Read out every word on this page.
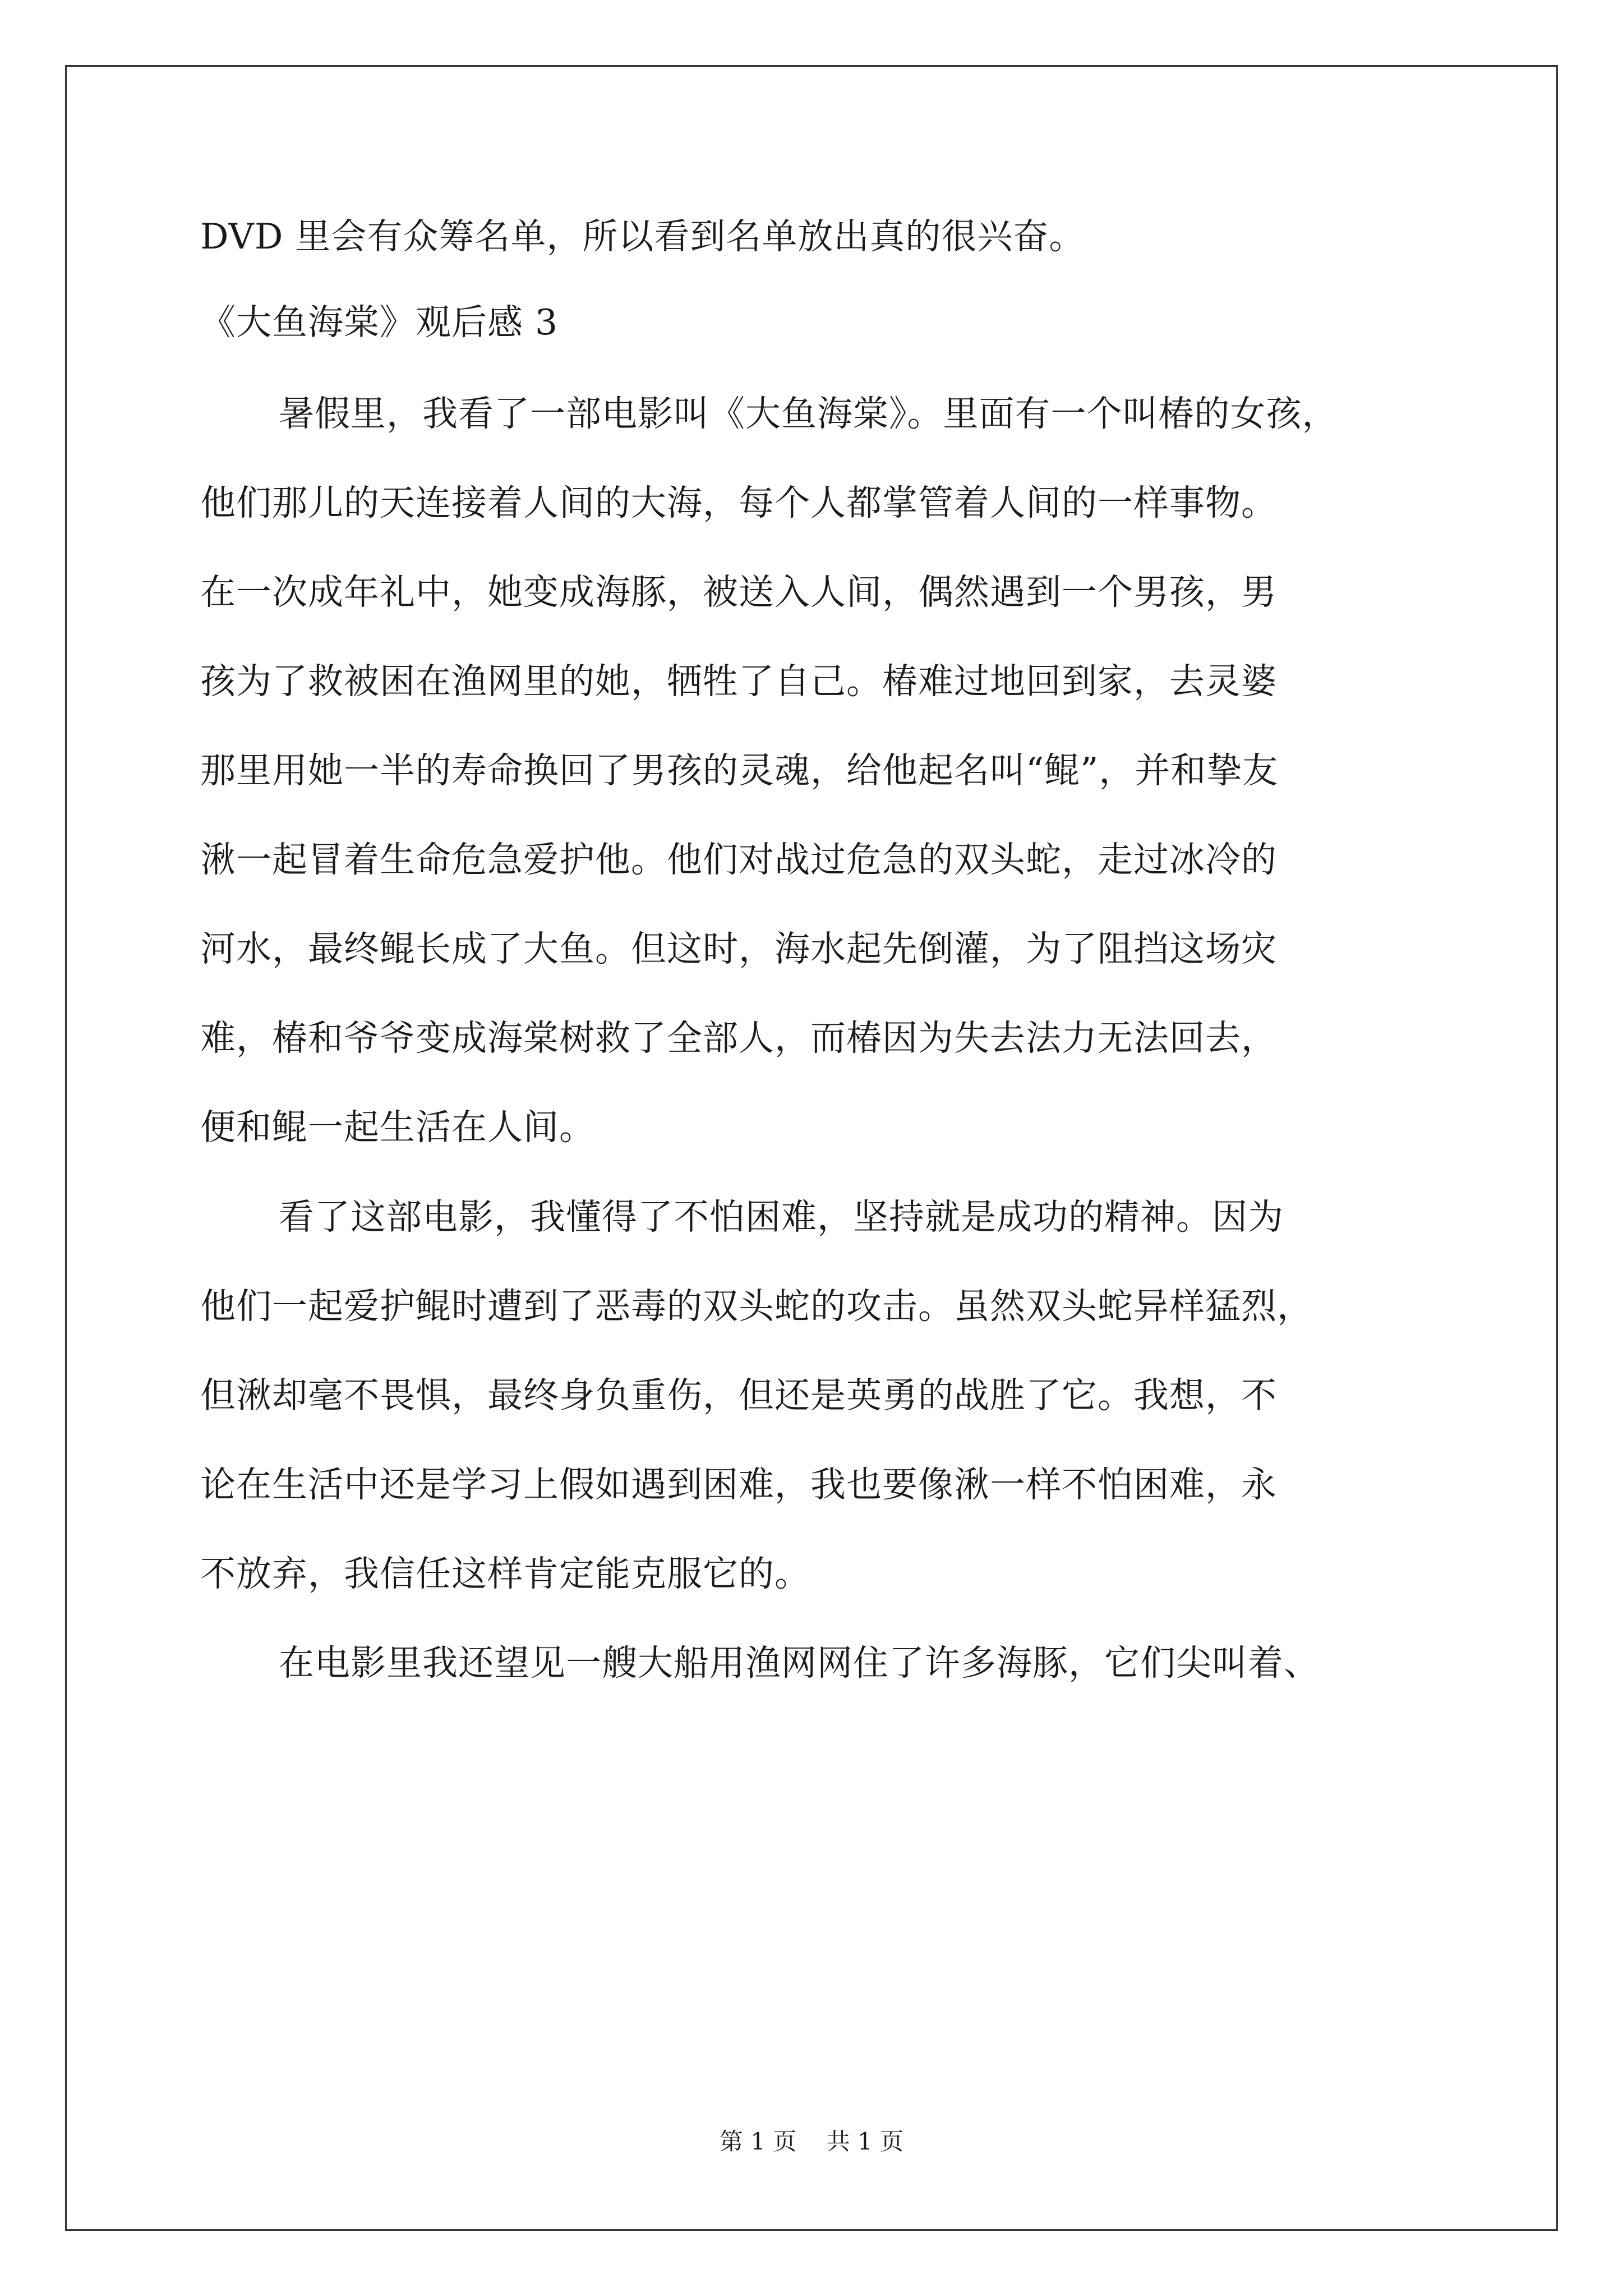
DVD 里会有众筹名单，所以看到名单放出真的很兴奋。
《大鱼海棠》观后感 3
暑假里，我看了一部电影叫《大鱼海棠》。里面有一个叫椿的女孩，
他们那儿的天连接着人间的大海，每个人都掌管着人间的一样事物。
在一次成年礼中，她变成海豚，被送入人间，偶然遇到一个男孩，男
孩为了救被困在渔网里的她，牺牲了自己。椿难过地回到家，去灵婆
那里用她一半的寿命换回了男孩的灵魂，给他起名叫“鲲”，并和挚友
湫一起冒着生命危急爱护他。他们对战过危急的双头蛇，走过冰冷的
河水，最终鲲长成了大鱼。但这时，海水起先倒灌，为了阻挡这场灾
难，椿和爷爷变成海棠树救了全部人，而椿因为失去法力无法回去，
便和鲲一起生活在人间。
看了这部电影，我懂得了不怕困难，坚持就是成功的精神。因为
他们一起爱护鲲时遭到了恶毒的双头蛇的攻击。虽然双头蛇异样猛烈，
但湫却毫不畏惧，最终身负重伤，但还是英勇的战胜了它。我想，不
论在生活中还是学习上假如遇到困难，我也要像湫一样不怕困难，永
不放弃，我信任这样肯定能克服它的。
在电影里我还望见一艘大船用渔网网住了许多海豚，它们尖叫着、
第 1 页    共 1 页
